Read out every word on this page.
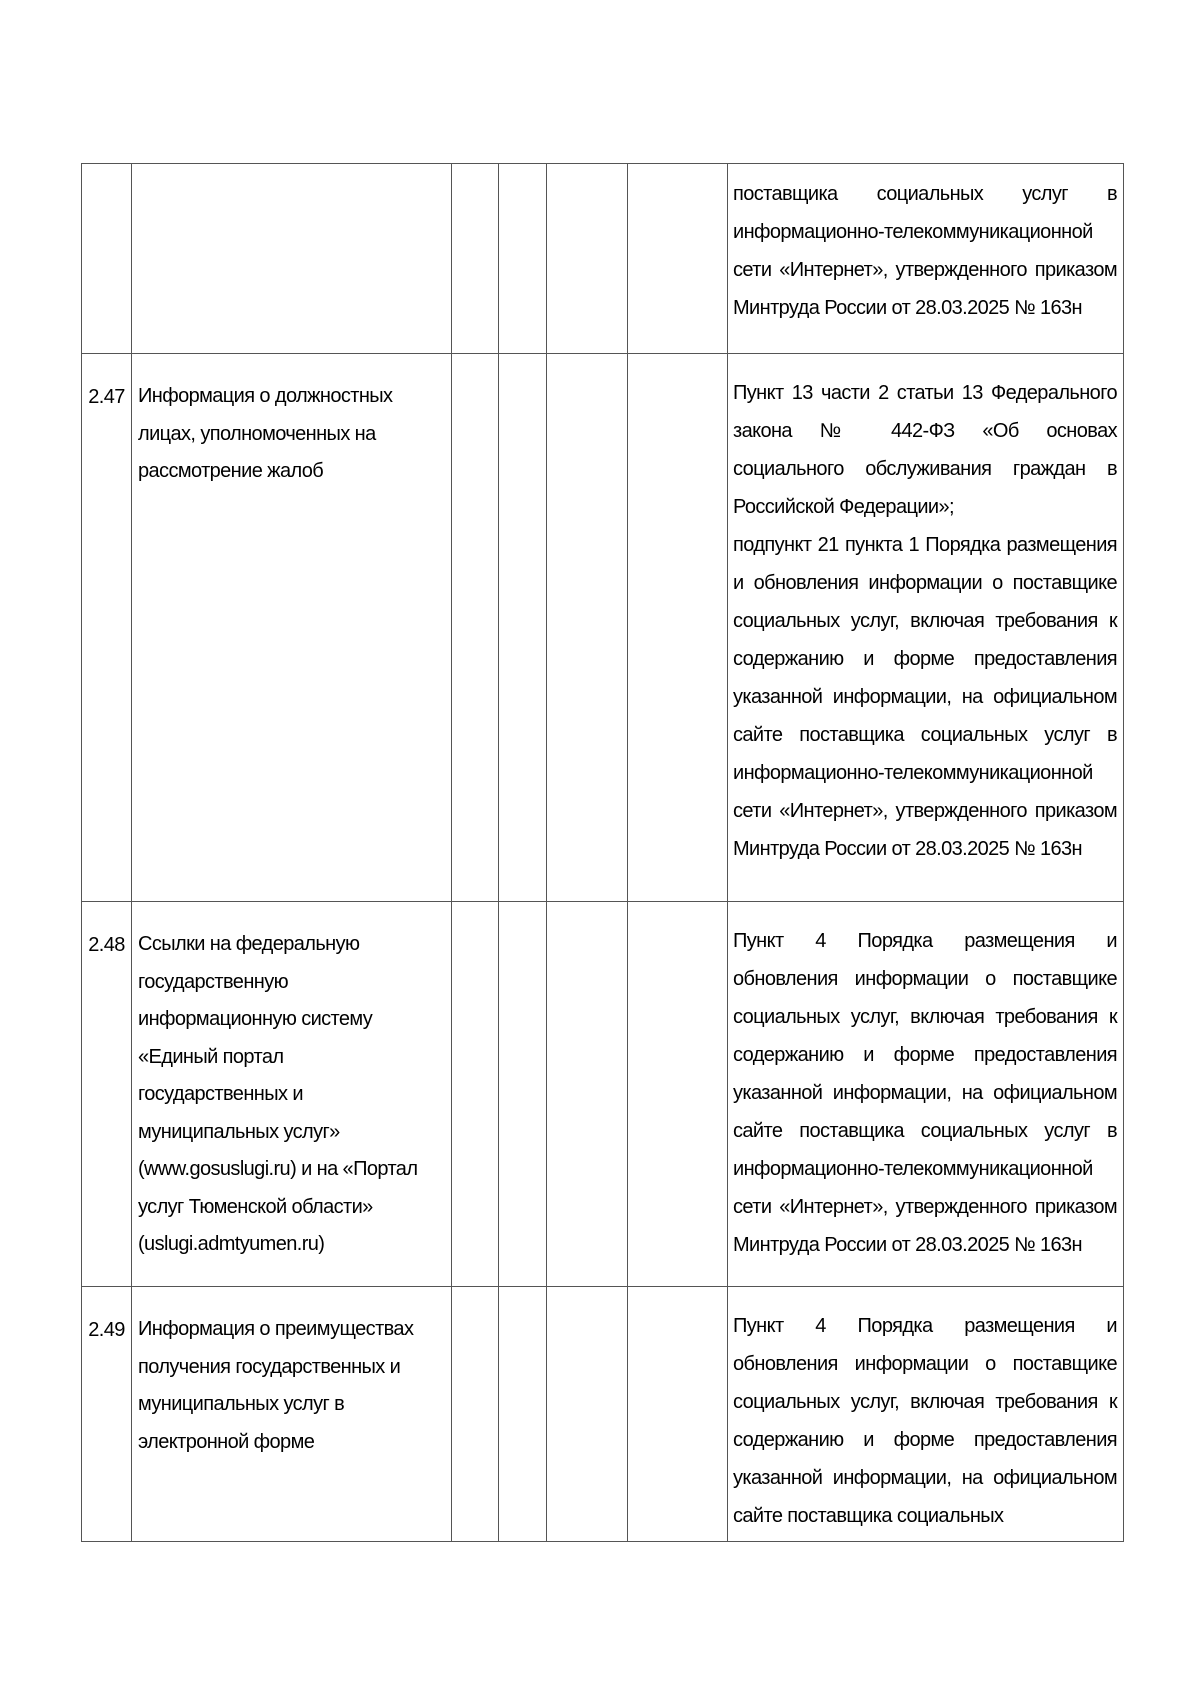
						поставщика социальных услуг в информационно-телекоммуникационной сети «Интернет», утвержденного приказом Минтруда России от 28.03.2025 № 163н

2.47	Информация о должностных лицах, уполномоченных на рассмотрение жалоб					Пункт 13 части 2 статьи 13 Федерального закона № 442-ФЗ «Об основах социального обслуживания граждан в Российской Федерации»;
подпункт 21 пункта 1 Порядка размещения и обновления информации о поставщике социальных услуг, включая требования к содержанию и форме предоставления указанной информации, на официальном сайте поставщика социальных услуг в информационно-телекоммуникационной сети «Интернет», утвержденного приказом Минтруда России от 28.03.2025 № 163н

2.48	Ссылки на федеральную государственную информационную систему «Единый портал государственных и муниципальных услуг» (www.gosuslugi.ru) и на «Портал услуг Тюменской области» (uslugi.admtyumen.ru)					Пункт 4 Порядка размещения и обновления информации о поставщике социальных услуг, включая требования к содержанию и форме предоставления указанной информации, на официальном сайте поставщика социальных услуг в информационно-телекоммуникационной сети «Интернет», утвержденного приказом Минтруда России от 28.03.2025 № 163н

2.49	Информация о преимуществах получения государственных и муниципальных услуг в электронной форме					Пункт 4 Порядка размещения и обновления информации о поставщике социальных услуг, включая требования к содержанию и форме предоставления указанной информации, на официальном сайте поставщика социальных
